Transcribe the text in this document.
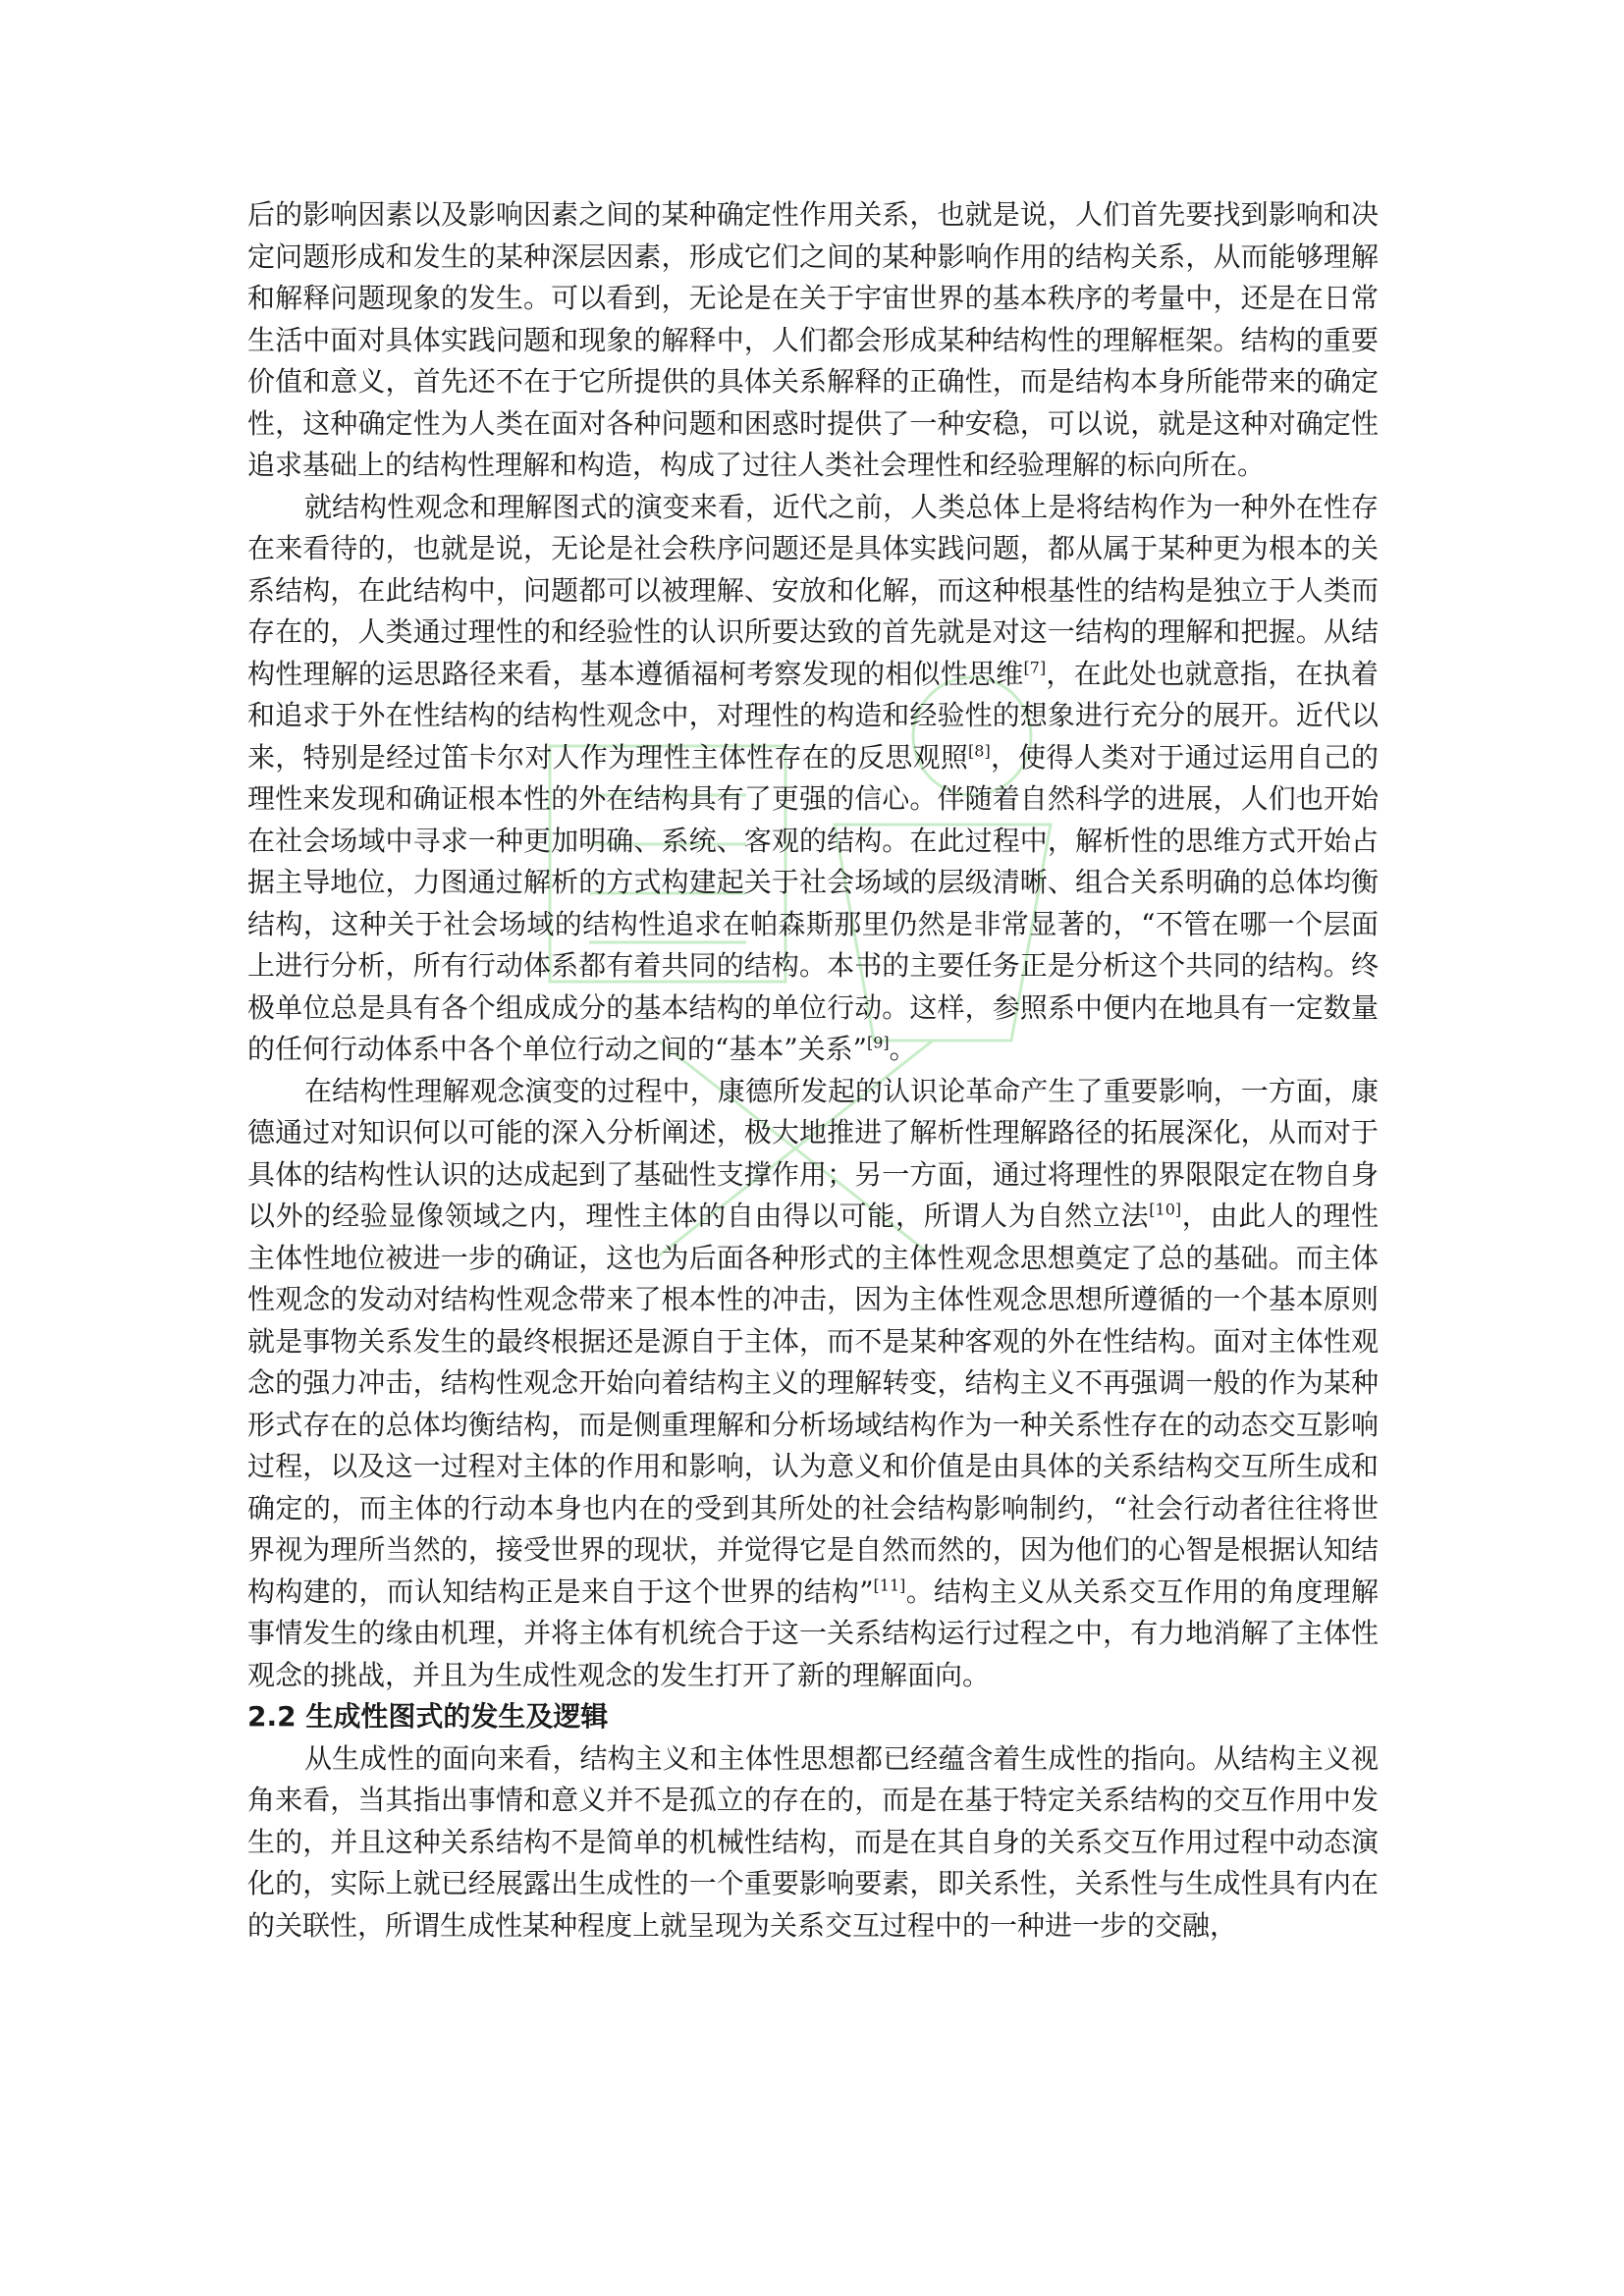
后的影响因素以及影响因素之间的某种确定性作用关系，也就是说，人们首先要找到影响和决定问题形成和发生的某种深层因素，形成它们之间的某种影响作用的结构关系，从而能够理解和解释问题现象的发生。可以看到，无论是在关于宇宙世界的基本秩序的考量中，还是在日常生活中面对具体实践问题和现象的解释中，人们都会形成某种结构性的理解框架。结构的重要价值和意义，首先还不在于它所提供的具体关系解释的正确性，而是结构本身所能带来的确定性，这种确定性为人类在面对各种问题和困惑时提供了一种安稳，可以说，就是这种对确定性追求基础上的结构性理解和构造，构成了过往人类社会理性和经验理解的标向所在。

就结构性观念和理解图式的演变来看，近代之前，人类总体上是将结构作为一种外在性存在来看待的，也就是说，无论是社会秩序问题还是具体实践问题，都从属于某种更为根本的关系结构，在此结构中，问题都可以被理解、安放和化解，而这种根基性的结构是独立于人类而存在的，人类通过理性的和经验性的认识所要达致的首先就是对这一结构的理解和把握。从结构性理解的运思路径来看，基本遵循福柯考察发现的相似性思维[7]，在此处也就意指，在执着和追求于外在性结构的结构性观念中，对理性的构造和经验性的想象进行充分的展开。近代以来，特别是经过笛卡尔对人作为理性主体性存在的反思观照[8]，使得人类对于通过运用自己的理性来发现和确证根本性的外在结构具有了更强的信心。伴随着自然科学的进展，人们也开始在社会场域中寻求一种更加明确、系统、客观的结构。在此过程中，解析性的思维方式开始占据主导地位，力图通过解析的方式构建起关于社会场域的层级清晰、组合关系明确的总体均衡结构，这种关于社会场域的结构性追求在帕森斯那里仍然是非常显著的，“不管在哪一个层面上进行分析，所有行动体系都有着共同的结构。本书的主要任务正是分析这个共同的结构。终极单位总是具有各个组成成分的基本结构的单位行动。这样，参照系中便内在地具有一定数量的任何行动体系中各个单位行动之间的“基本”关系”[9]。

在结构性理解观念演变的过程中，康德所发起的认识论革命产生了重要影响，一方面，康德通过对知识何以可能的深入分析阐述，极大地推进了解析性理解路径的拓展深化，从而对于具体的结构性认识的达成起到了基础性支撑作用；另一方面，通过将理性的界限限定在物自身以外的经验显像领域之内，理性主体的自由得以可能，所谓人为自然立法[10]，由此人的理性主体性地位被进一步的确证，这也为后面各种形式的主体性观念思想奠定了总的基础。而主体性观念的发动对结构性观念带来了根本性的冲击，因为主体性观念思想所遵循的一个基本原则就是事物关系发生的最终根据还是源自于主体，而不是某种客观的外在性结构。面对主体性观念的强力冲击，结构性观念开始向着结构主义的理解转变，结构主义不再强调一般的作为某种形式存在的总体均衡结构，而是侧重理解和分析场域结构作为一种关系性存在的动态交互影响过程，以及这一过程对主体的作用和影响，认为意义和价值是由具体的关系结构交互所生成和确定的，而主体的行动本身也内在的受到其所处的社会结构影响制约，“社会行动者往往将世界视为理所当然的，接受世界的现状，并觉得它是自然而然的，因为他们的心智是根据认知结构构建的，而认知结构正是来自于这个世界的结构”[11]。结构主义从关系交互作用的角度理解事情发生的缘由机理，并将主体有机统合于这一关系结构运行过程之中，有力地消解了主体性观念的挑战，并且为生成性观念的发生打开了新的理解面向。

2.2 生成性图式的发生及逻辑

从生成性的面向来看，结构主义和主体性思想都已经蕴含着生成性的指向。从结构主义视角来看，当其指出事情和意义并不是孤立的存在的，而是在基于特定关系结构的交互作用中发生的，并且这种关系结构不是简单的机械性结构，而是在其自身的关系交互作用过程中动态演化的，实际上就已经展露出生成性的一个重要影响要素，即关系性，关系性与生成性具有内在的关联性，所谓生成性某种程度上就呈现为关系交互过程中的一种进一步的交融，
